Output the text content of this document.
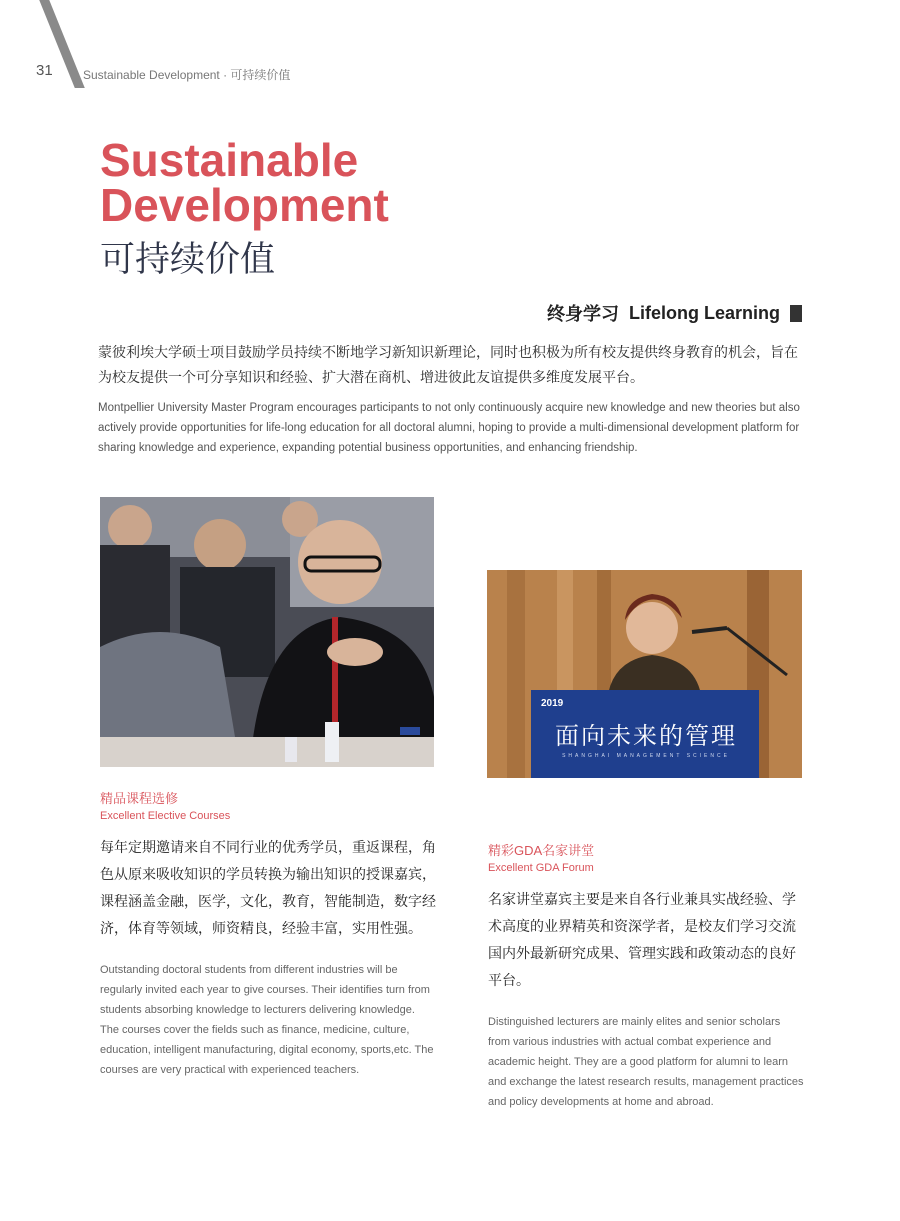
31	Sustainable Development · 可持续价值
Sustainable
Development
可持续价值
终身学习 Lifelong Learning
蒙彼利埃大学硕士项目鼓励学员持续不断地学习新知识新理论，同时也积极为所有校友提供终身教育的机会，旨在为校友提供一个可分享知识和经验、扩大潜在商机、增进彼此友谊提供多维度发展平台。
Montpellier University Master Program encourages participants to not only continuously acquire new knowledge and new theories but also actively provide opportunities for life-long education for all doctoral alumni, hoping to provide a multi-dimensional development platform for sharing knowledge and experience, expanding potential business opportunities, and enhancing friendship.
精品课程选修
Excellent Elective Courses
每年定期邀请来自不同行业的优秀学员，重返课程，角色从原来吸收知识的学员转换为输出知识的授课嘉宾，课程涵盖金融，医学，文化，教育，智能制造，数字经济，体育等领域，师资精良，经验丰富，实用性强。
Outstanding doctoral students from different industries will be regularly invited each year to give courses. Their identifies turn from students absorbing knowledge to lecturers delivering knowledge. The courses cover the fields such as finance, medicine, culture, education, intelligent manufacturing, digital economy, sports,etc. The courses are very practical with experienced teachers.
2019
面向未来的管理
SHANGHAI MANAGEMENT SCIENCE
精彩GDA名家讲堂
Excellent GDA Forum
名家讲堂嘉宾主要是来自各行业兼具实战经验、学术高度的业界精英和资深学者，是校友们学习交流国内外最新研究成果、管理实践和政策动态的良好平台。
Distinguished lecturers are mainly elites and senior scholars from various industries with actual combat experience and academic height. They are a good platform for alumni to learn and exchange the latest research results, management practices and policy developments at home and abroad.
